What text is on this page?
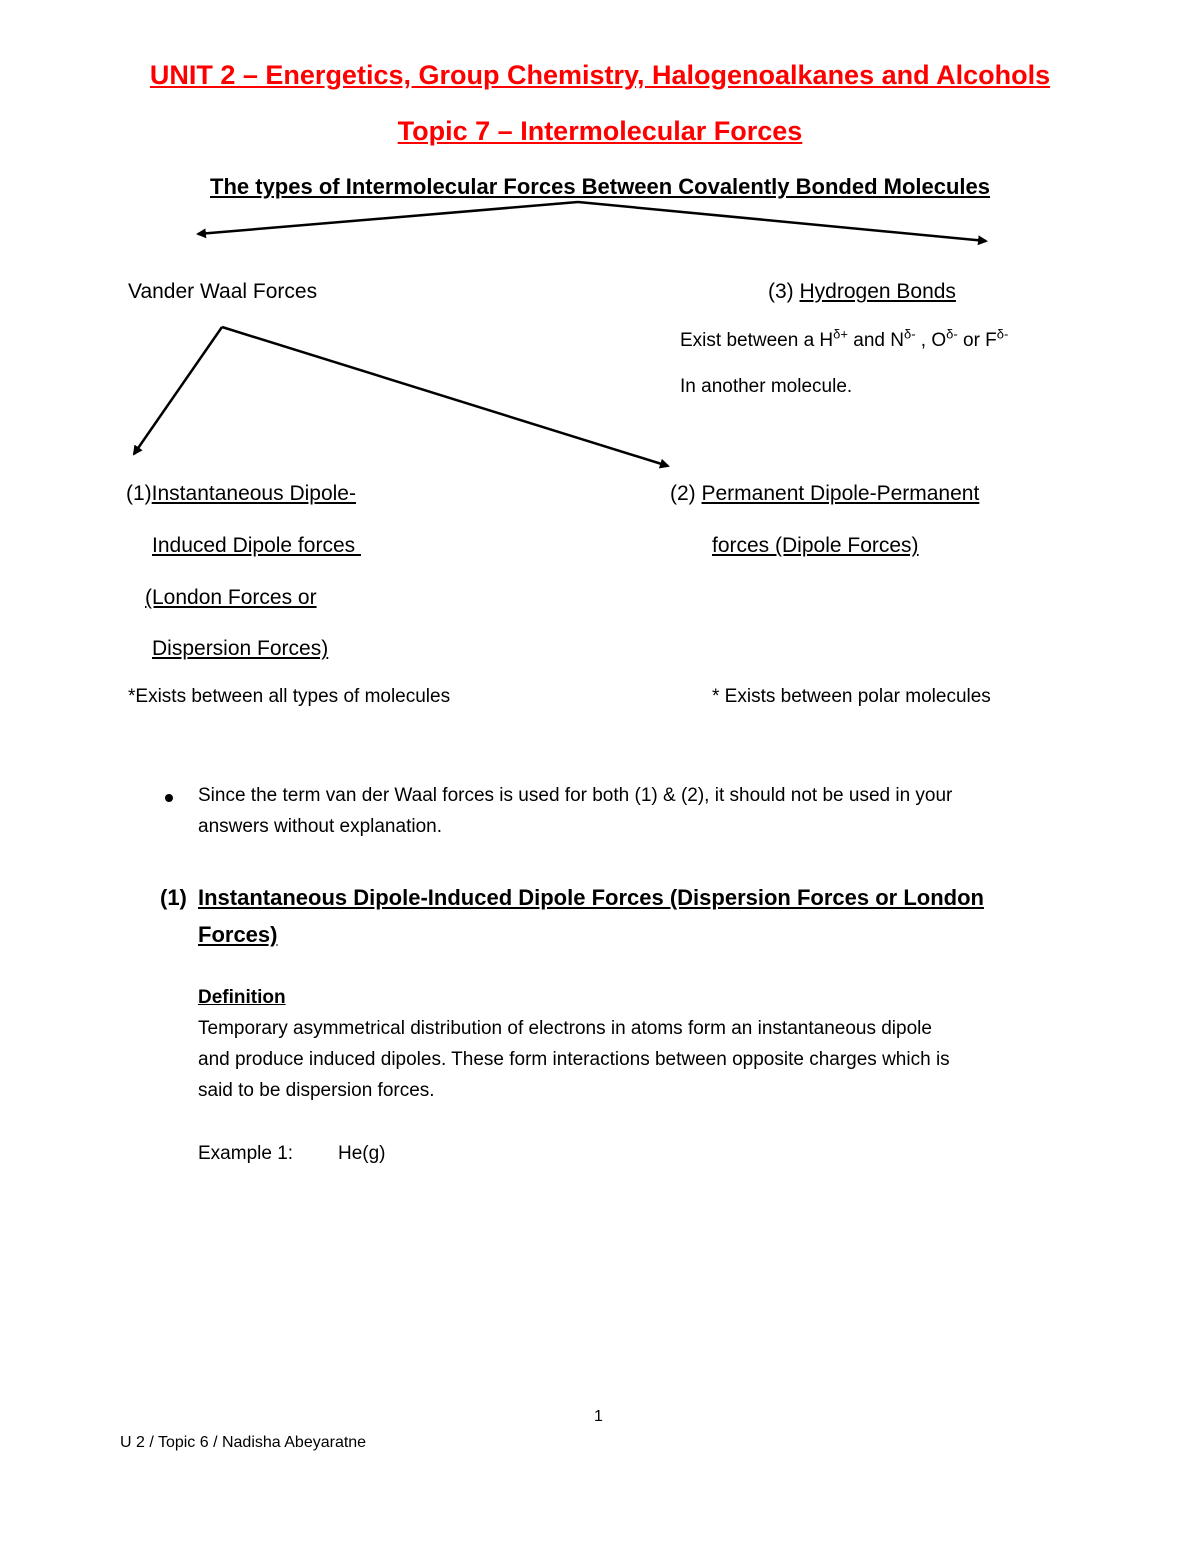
UNIT 2 – Energetics, Group Chemistry, Halogenoalkanes and Alcohols
Topic 7 – Intermolecular Forces
The types of Intermolecular Forces Between Covalently Bonded Molecules
Vander Waal Forces	(3) Hydrogen Bonds
Exist between a $H^{\delta+}$ and $N^{\delta-}$ , $O^{\delta-}$ or $F^{\delta-}$
In another molecule.
(1)Instantaneous Dipole-
Induced Dipole forces
(London Forces or
Dispersion Forces)
*Exists between all types of molecules
(2) Permanent Dipole-Permanent
forces (Dipole Forces)
* Exists between polar molecules
Since the term van der Waal forces is used for both (1) & (2), it should not be used in your
answers without explanation.
(1) Instantaneous Dipole-Induced Dipole Forces (Dispersion Forces or London
Forces)
Definition
Temporary asymmetrical distribution of electrons in atoms form an instantaneous dipole
and produce induced dipoles. These form interactions between opposite charges which is
said to be dispersion forces.
Example 1: He(g)
1
U 2 / Topic 6 / Nadisha Abeyaratne
